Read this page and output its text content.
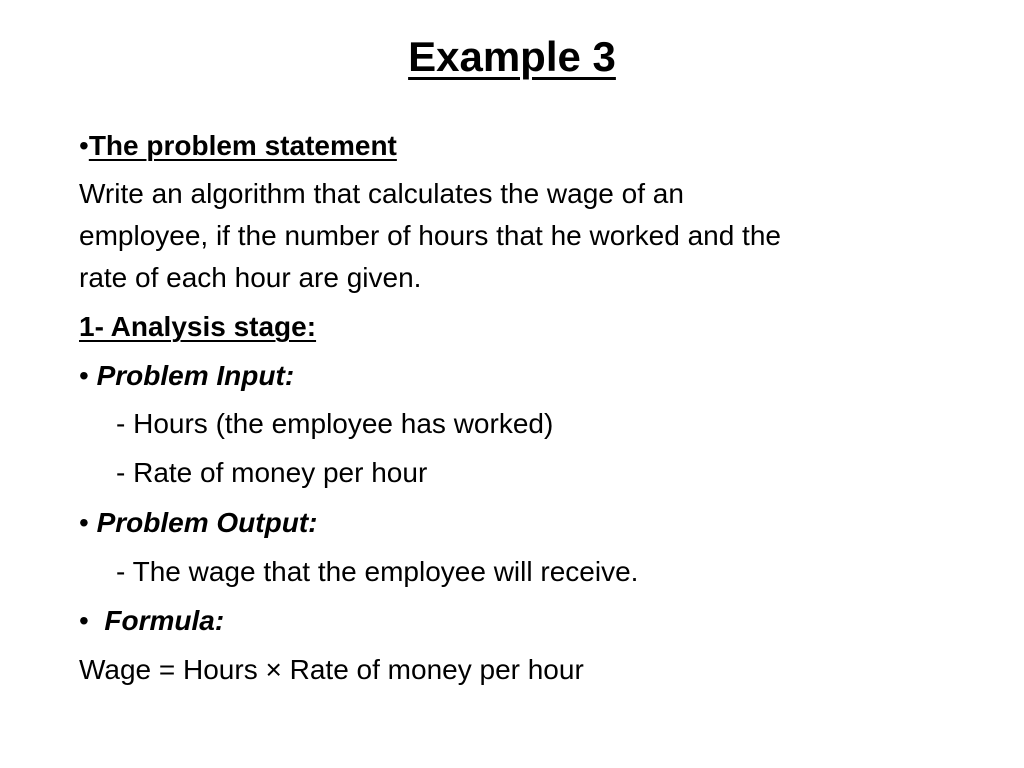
Example 3
•The problem statement
Write an algorithm that calculates the wage of an
employee, if the number of hours that he worked and the
rate of each hour are given.
1- Analysis stage:
• Problem Input:
- Hours (the employee has worked)
- Rate of money per hour
• Problem Output:
- The wage that the employee will receive.
• Formula:
Wage = Hours × Rate of money per hour
